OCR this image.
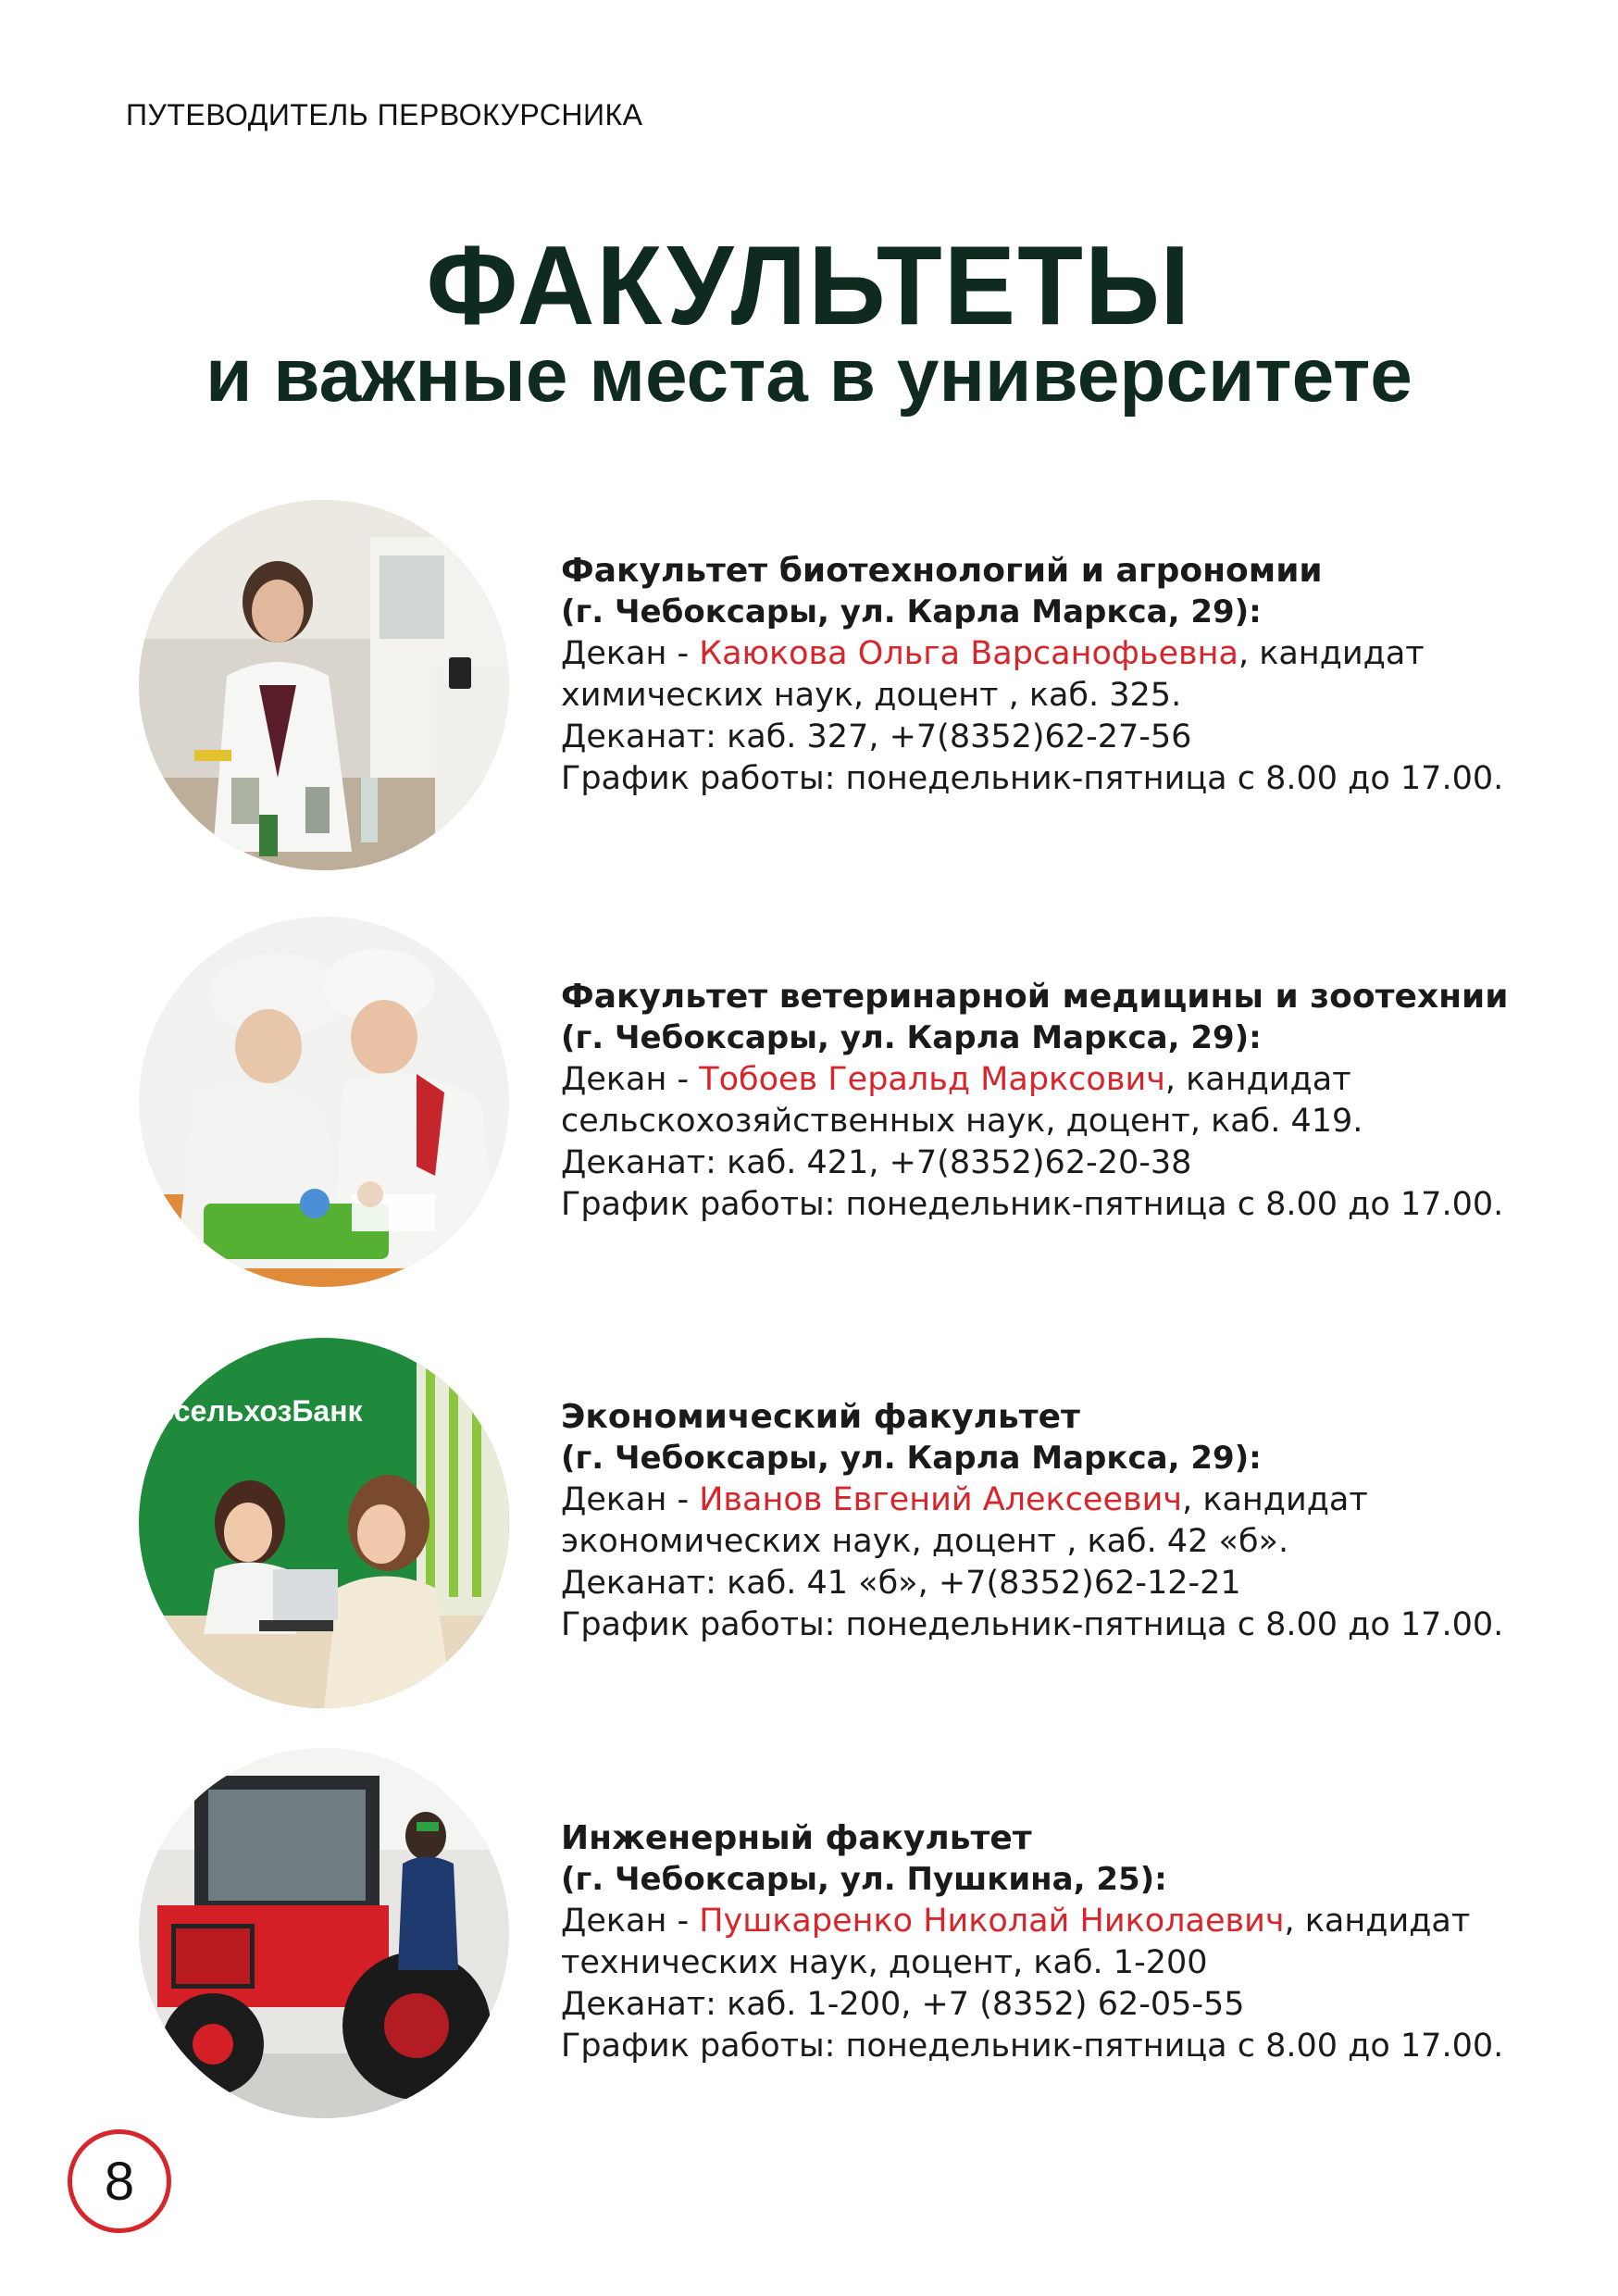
ПУТЕВОДИТЕЛЬ ПЕРВОКУРСНИКА
ФАКУЛЬТЕТЫ
и важные места в университете
Факультет биотехнологий и агрономии
(г. Чебоксары, ул. Карла Маркса, 29):
Декан - Каюкова Ольга Варсанофьевна, кандидат
химических наук, доцент , каб. 325.
Деканат: каб. 327, +7(8352)62-27-56
График работы: понедельник-пятница с 8.00 до 17.00.
Факультет ветеринарной медицины и зоотехнии
(г. Чебоксары, ул. Карла Маркса, 29):
Декан - Тобоев Геральд Марксович, кандидат
сельскохозяйственных наук, доцент, каб. 419.
Деканат: каб. 421, +7(8352)62-20-38
График работы: понедельник-пятница с 8.00 до 17.00.
ссельхозБанк	Экономический факультет
(г. Чебоксары, ул. Карла Маркса, 29):
Декан - Иванов Евгений Алексеевич, кандидат
экономических наук, доцент , каб. 42 «б».
Деканат: каб. 41 «б», +7(8352)62-12-21
График работы: понедельник-пятница с 8.00 до 17.00.
Инженерный факультет
(г. Чебоксары, ул. Пушкина, 25):
Декан - Пушкаренко Николай Николаевич, кандидат
технических наук, доцент, каб. 1-200
Деканат: каб. 1-200, +7 (8352) 62-05-55
График работы: понедельник-пятница с 8.00 до 17.00.
8
